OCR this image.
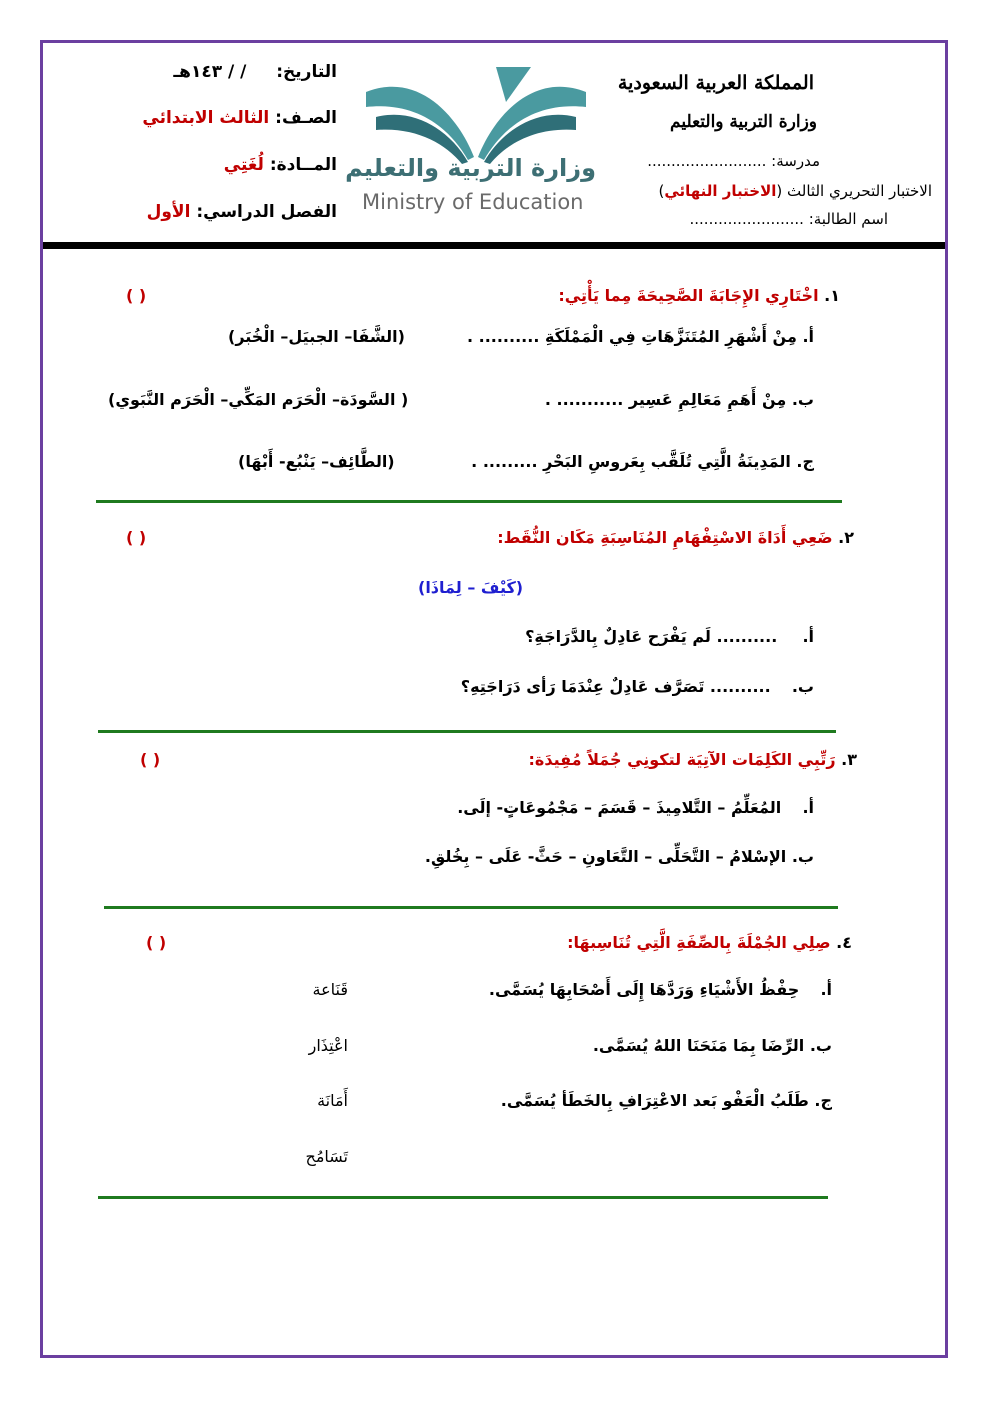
المملكة العربية السعودية
وزارة التربية والتعليم
مدرسة: .........................
الاختبار التحريري الثالث (الاختبار النهائي)
اسم الطالبة: ........................
وزارة التربية والتعليم
Ministry of Education
التاريخ:  / / ١٤٣هـ
الصـف: الثالث الابتدائي
المــادة: لُغَتِي
الفصل الدراسي: الأول
١. اخْتَارِي الإِجَابَةَ الصَّحِيحَةَ مِما يَأْتِي:
( )
أ. مِنْ أَشْهَرِ المُتَنَزَّهَاتِ فِي الْمَمْلَكَةِ .......... .
(الشَّفَا– الجبيَل– الْخُبَر)
ب. مِنْ أَهَمِ مَعَالِمِ عَسِير ........... .
( السَّودَة– الْحَرَم المَكِّي– الْحَرَم النَّبَوي)
ج. المَدِينَةُ الَّتِي تُلَقَّب بِعَروسِ البَحْرِ ......... .
(الطَّائِف– يَنْبُع- أَبْهَا)
٢. ضَعِي أَدَاةَ الاسْتِفْهَامِ المُنَاسِبَةِ مَكَان النُّقَط:
( )
(كَيْفَ – لِمَاذَا)
أ.  .......... لَم يَفْرَح عَادِلٌ بِالدَّرَاجَةِ؟
ب.  .......... تَصَرَّف عَادِلٌ عِنْدَمَا رَأى دَرَاجَتِهِ؟
٣. رَتِّبِي الكَلِمَات الآتِيَة لتكونِي جُمَلاً مُفِيدَة:
( )
أ.  المُعَلِّمُ – التَّلامِيذَ – قَسَمَ – مَجْمُوعَاتٍ- إلَى.
ب. الإسْلامُ – التَّحَلِّى – التَّعَاونِ – حَثَّ- عَلَى – بِخُلقِ.
٤. صِلِي الجُمْلَةَ بِالصِّفَةِ الَّتِي تُنَاسِبهَا:
( )
أ.  حِفْظُ الأَشْيَاءِ وَرَدَّهَا إِلَى أَصْحَابِهَا يُسَمَّى.
ب. الرِّضَا بِمَا مَنَحَنَا اللهُ يُسَمَّى.
ج. طَلَبُ الْعَفْو بَعد الاعْتِرَافِ بِالخَطَأ يُسَمَّى.
قَنَاعة
اعْتِذَار
أَمَانَة
تَسَامُح
